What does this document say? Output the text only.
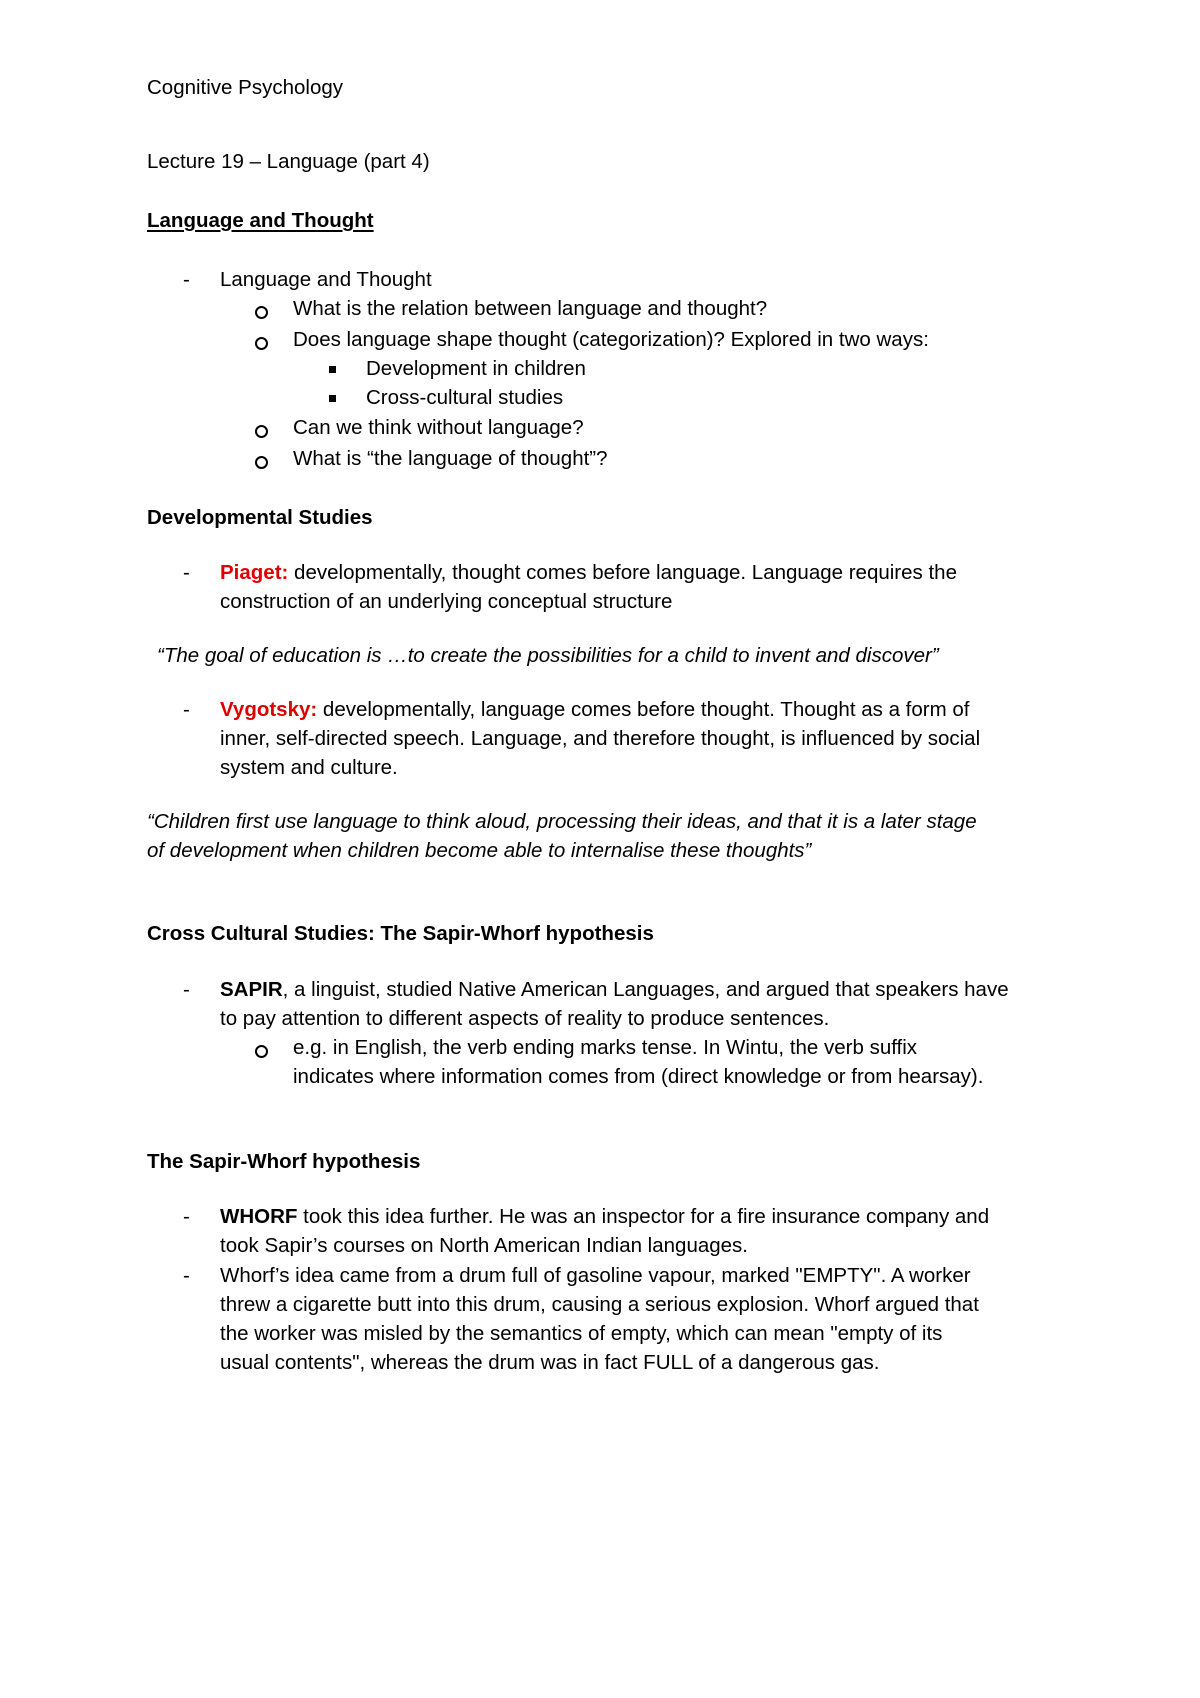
Cognitive Psychology
Lecture 19 – Language (part 4)
Language and Thought
- Language and Thought
What is the relation between language and thought?
Does language shape thought (categorization)? Explored in two ways:
Development in children
Cross-cultural studies
Can we think without language?
What is “the language of thought”?
Developmental Studies
- Piaget: developmentally, thought comes before language. Language requires the
construction of an underlying conceptual structure
“The goal of education is …to create the possibilities for a child to invent and discover”
- Vygotsky: developmentally, language comes before thought. Thought as a form of
inner, self-directed speech. Language, and therefore thought, is influenced by social
system and culture.
“Children first use language to think aloud, processing their ideas, and that it is a later stage
of development when children become able to internalise these thoughts”
Cross Cultural Studies: The Sapir-Whorf hypothesis
- SAPIR, a linguist, studied Native American Languages, and argued that speakers have
to pay attention to different aspects of reality to produce sentences.
e.g. in English, the verb ending marks tense. In Wintu, the verb suffix
indicates where information comes from (direct knowledge or from hearsay).
The Sapir-Whorf hypothesis
- WHORF took this idea further. He was an inspector for a fire insurance company and
took Sapir’s courses on North American Indian languages.
- Whorf’s idea came from a drum full of gasoline vapour, marked "EMPTY". A worker
threw a cigarette butt into this drum, causing a serious explosion. Whorf argued that
the worker was misled by the semantics of empty, which can mean "empty of its
usual contents", whereas the drum was in fact FULL of a dangerous gas.
